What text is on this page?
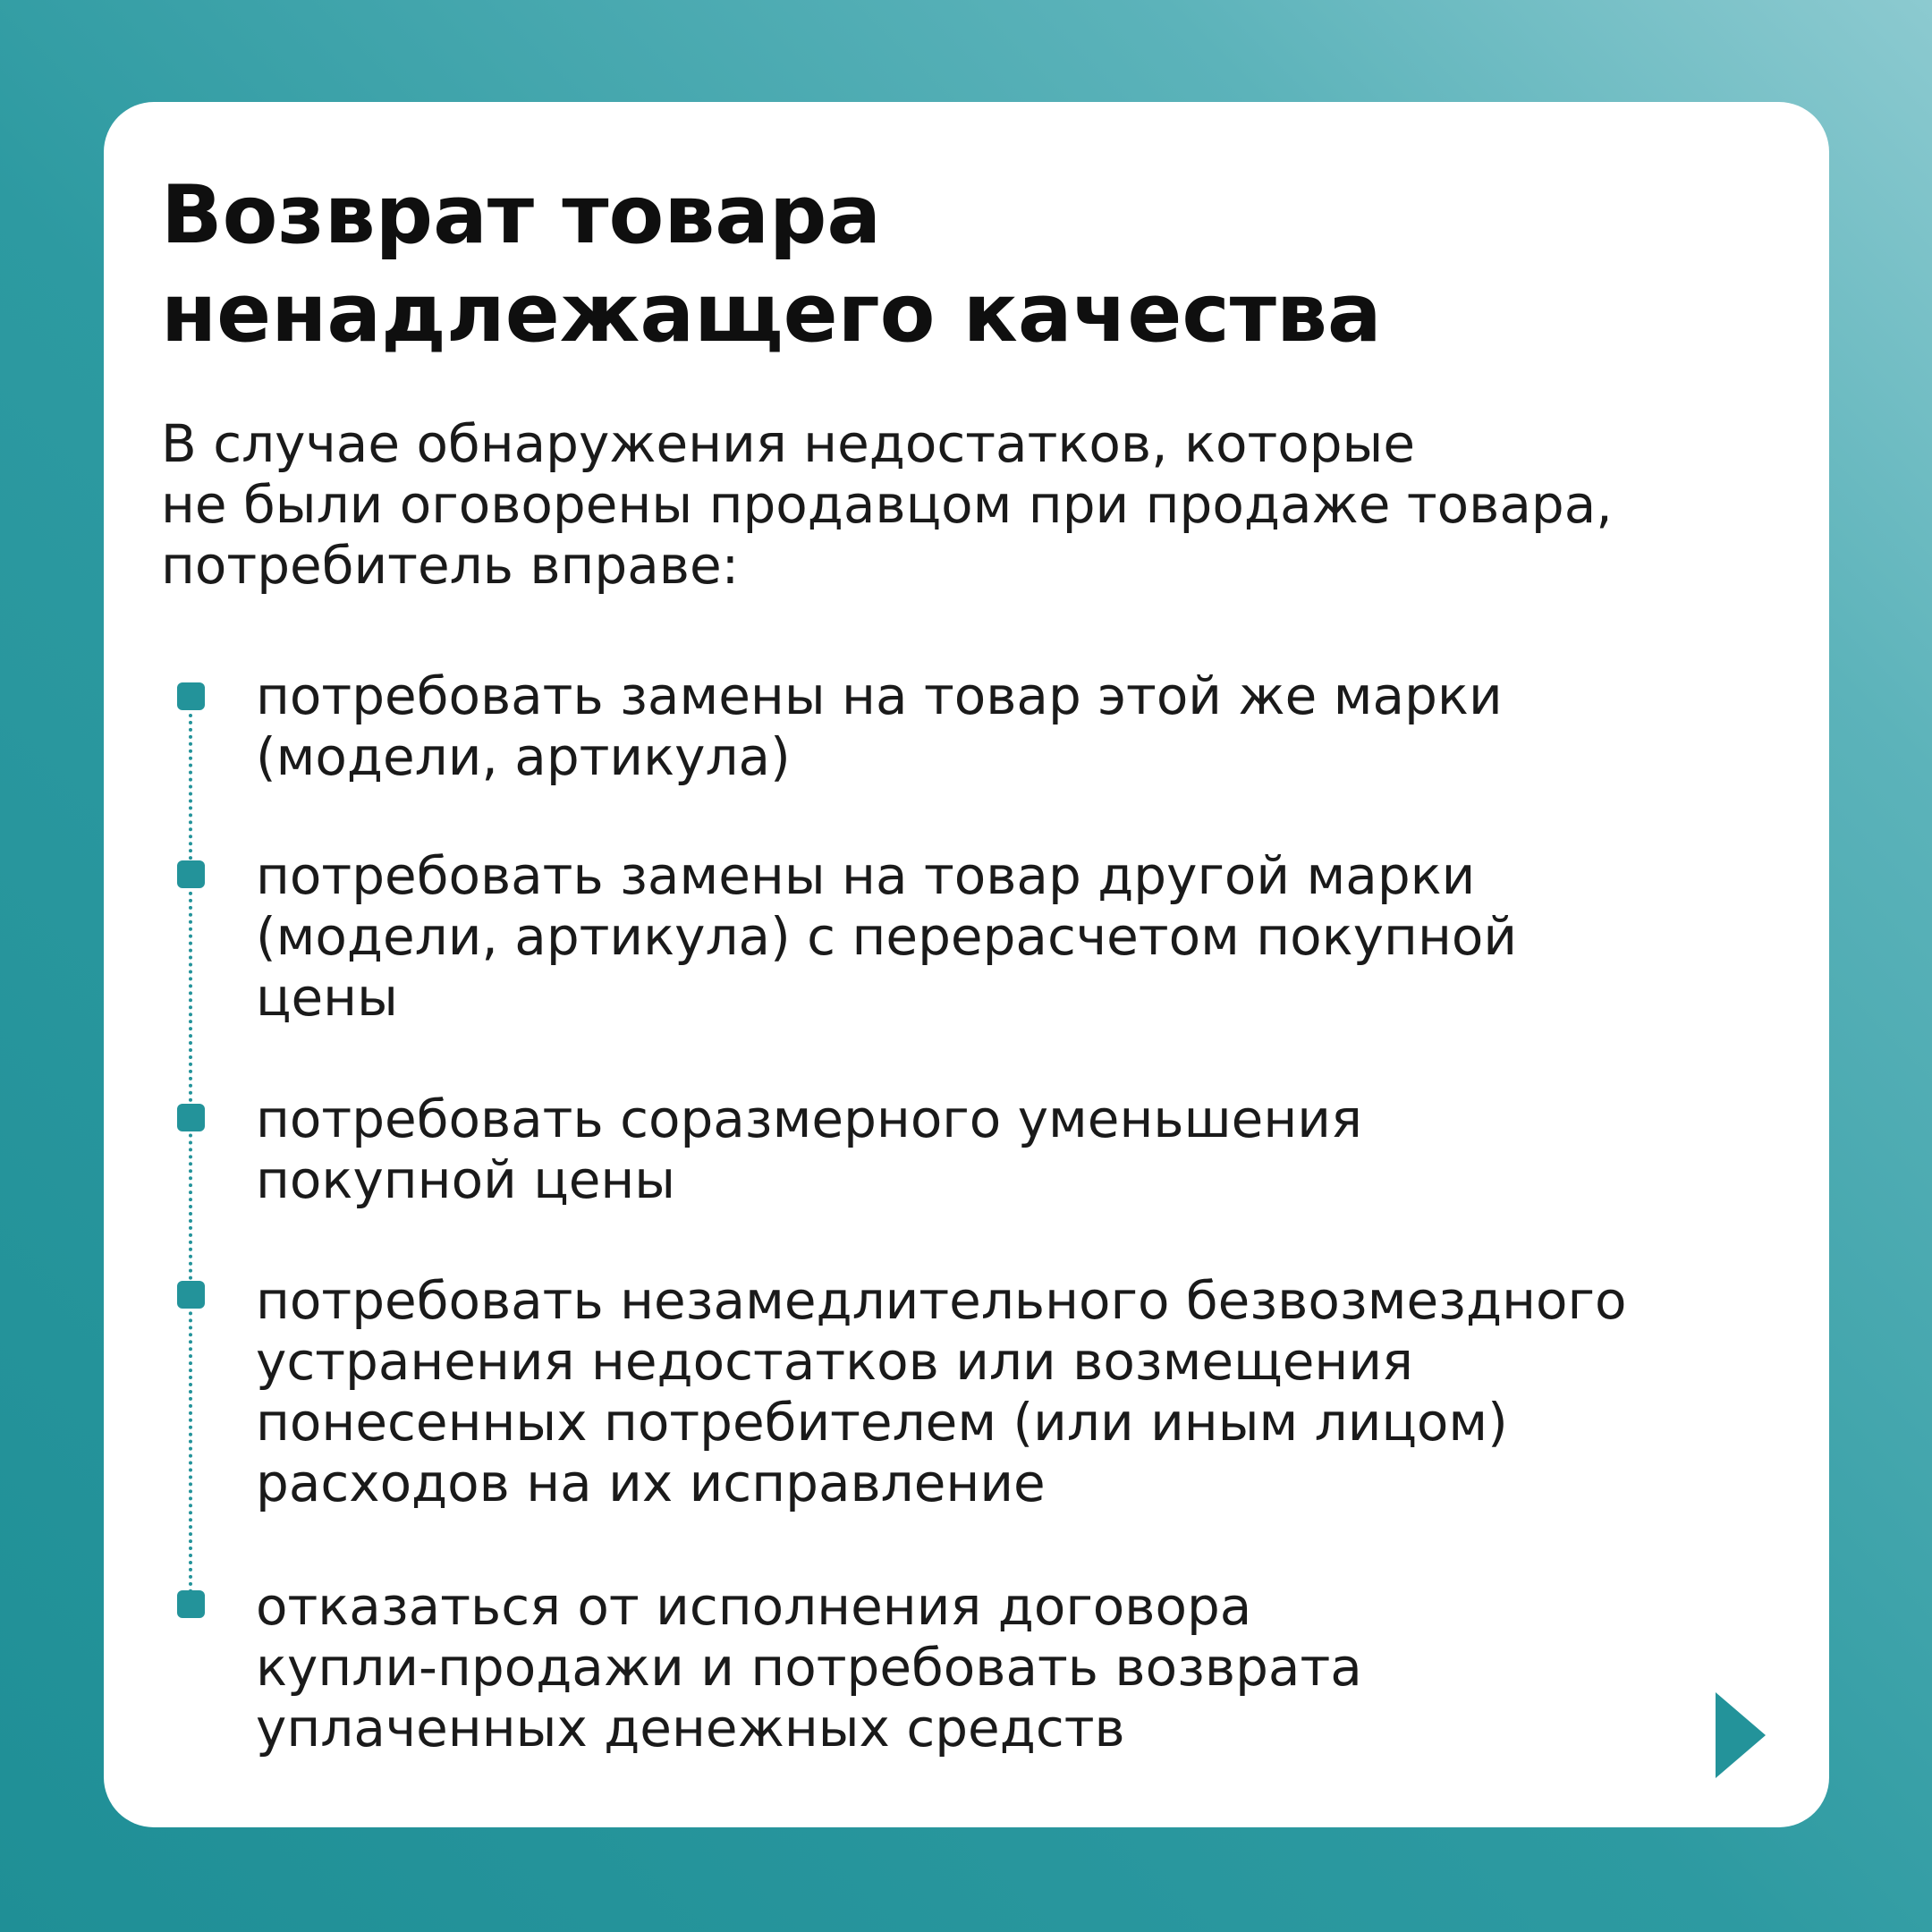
Возврат товара
ненадлежащего качества

В случае обнаружения недостатков, которые
не были оговорены продавцом при продаже товара,
потребитель вправе:

потребовать замены на товар этой же марки
(модели, артикула)

потребовать замены на товар другой марки
(модели, артикула) с перерасчетом покупной
цены

потребовать соразмерного уменьшения
покупной цены

потребовать незамедлительного безвозмездного
устранения недостатков или возмещения
понесенных потребителем (или иным лицом)
расходов на их исправление

отказаться от исполнения договора
купли-продажи и потребовать возврата
уплаченных денежных средств
